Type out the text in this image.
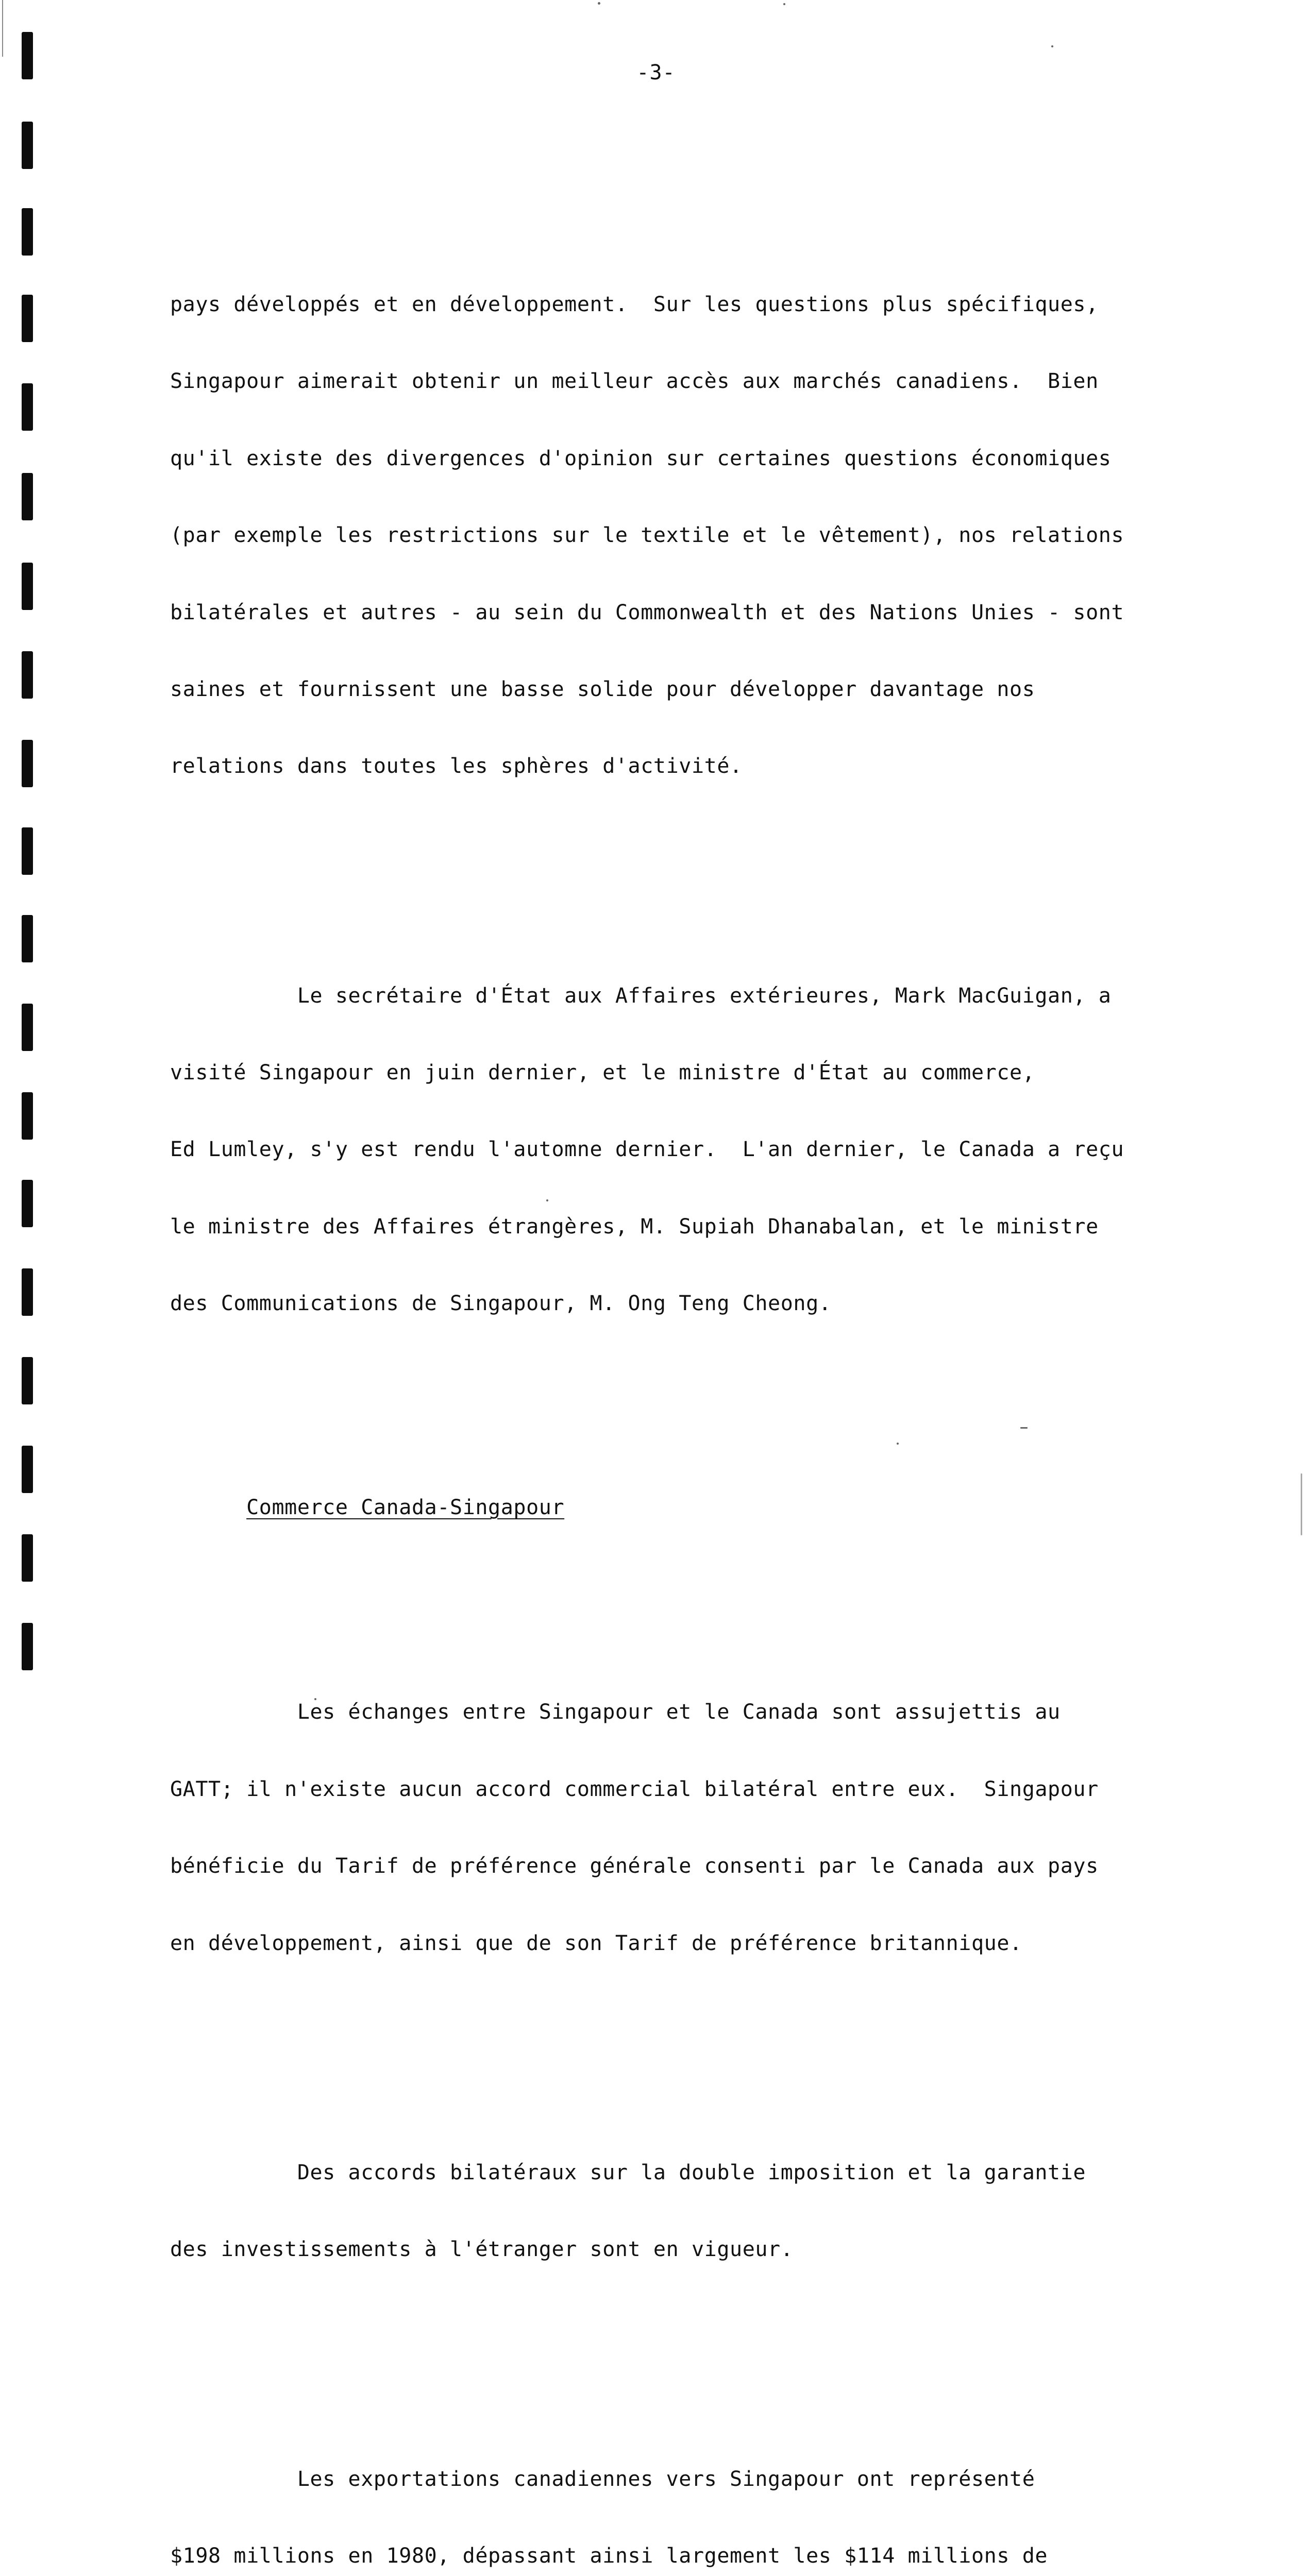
-3-

pays développés et en développement.  Sur les questions plus spécifiques,

Singapour aimerait obtenir un meilleur accès aux marchés canadiens.  Bien

qu'il existe des divergences d'opinion sur certaines questions économiques

(par exemple les restrictions sur le textile et le vêtement), nos relations

bilatérales et autres - au sein du Commonwealth et des Nations Unies - sont

saines et fournissent une basse solide pour développer davantage nos

relations dans toutes les sphères d'activité.

Le secrétaire d'État aux Affaires extérieures, Mark MacGuigan, a

visité Singapour en juin dernier, et le ministre d'État au commerce,

Ed Lumley, s'y est rendu l'automne dernier.  L'an dernier, le Canada a reçu

le ministre des Affaires étrangères, M. Supiah Dhanabalan, et le ministre

des Communications de Singapour, M. Ong Teng Cheong.

Commerce Canada-Singapour

Les échanges entre Singapour et le Canada sont assujettis au

GATT; il n'existe aucun accord commercial bilatéral entre eux.  Singapour

bénéficie du Tarif de préférence générale consenti par le Canada aux pays

en développement, ainsi que de son Tarif de préférence britannique.

Des accords bilatéraux sur la double imposition et la garantie

des investissements à l'étranger sont en vigueur.

Les exportations canadiennes vers Singapour ont représenté

$198 millions en 1980, dépassant ainsi largement les $114 millions de
